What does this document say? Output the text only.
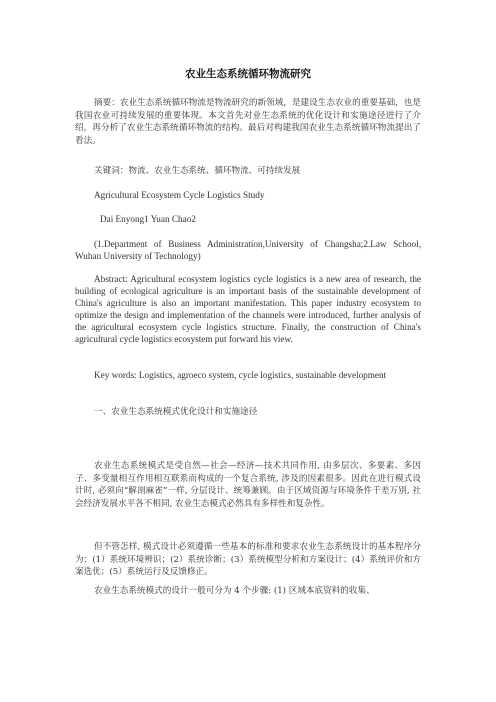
农业生态系统循环物流研究

摘要：农业生态系统循环物流是物流研究的新领域，是建设生态农业的重要基础，也是我国农业可持续发展的重要体现。本文首先对业生态系统的优化设计和实施途径进行了介绍，再分析了农业生态系统循环物流的结构。最后对构建我国农业生态系统循环物流提出了看法。

关键词：物流、农业生态系统、循环物流、可持续发展

Agricultural Ecosystem Cycle Logistics Study

Dai Enyong1 Yuan Chao2

(1.Department of Business Administration,University of Changsha;2.Law School, Wuhan University of Technology)

Abstract: Agricultural ecosystem logistics cycle logistics is a new area of research, the building of ecological agriculture is an important basis of the sustainable development of China's agriculture is also an important manifestation. This paper industry ecosystem to optimize the design and implementation of the channels were introduced, further analysis of the agricultural ecosystem cycle logistics structure. Finally, the construction of China's agricultural cycle logistics ecosystem put forward his view.

Key words: Logistics, agroeco system, cycle logistics, sustainable development

一、农业生态系统模式优化设计和实施途径

农业生态系统模式是受自然—社会—经济—技术共同作用, 由多层次、多要素、多因子、多变量相互作用相互联系而构成的一个复合系统, 涉及的因素很多。因此在进行模式设计时, 必须向“解剖麻雀”一样, 分层设计、统筹兼顾。由于区域资源与环境条件千差万别, 社会经济发展水平各不相同, 农业生态模式必然具有多样性和复杂性。

但不管怎样, 模式设计必须遵循一些基本的标准和要求农业生态系统设计的基本程序分为：(1）系统环境辨识；(2）系统诊断；(3）系统模型分析和方案设计；(4）系统评价和方案选优；(5）系统运行及反馈修正。

农业生态系统模式的设计一般可分为 4 个步骤: (1) 区域本底资料的收集、
